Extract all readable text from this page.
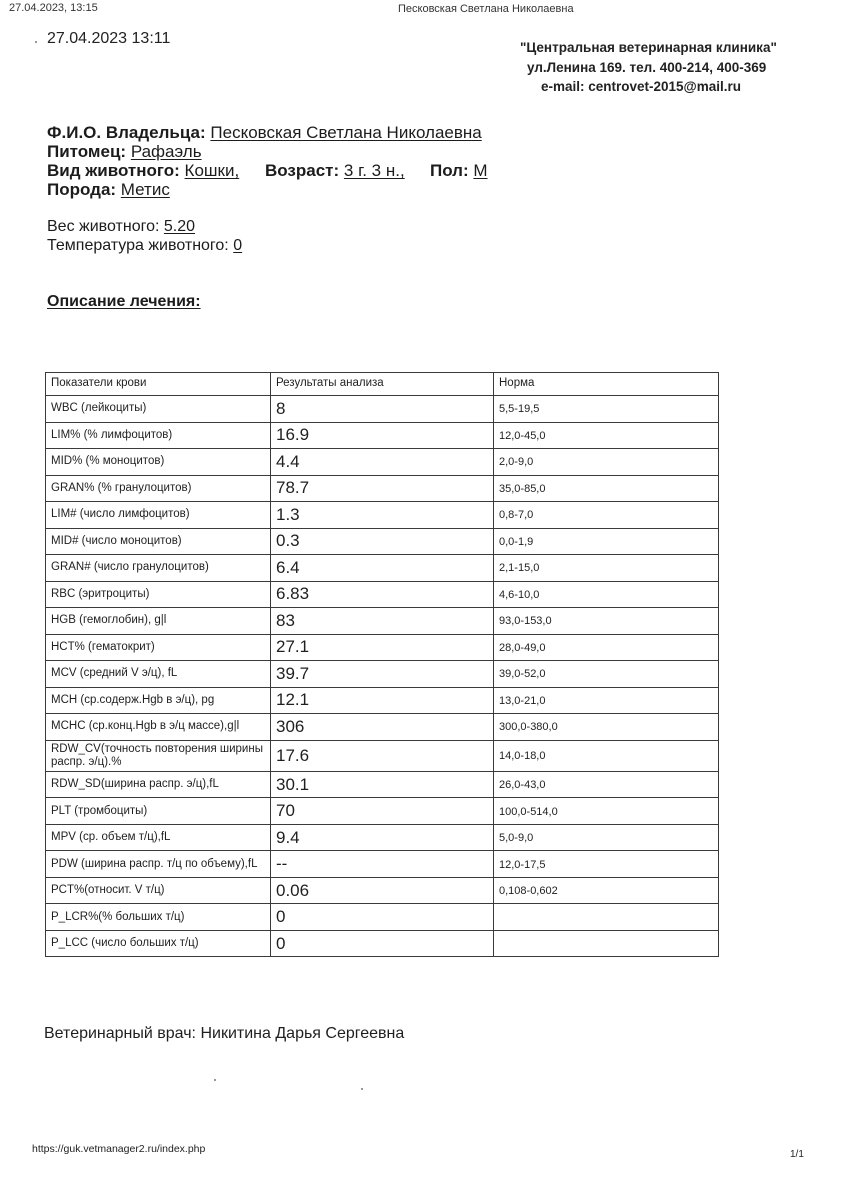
27.04.2023, 13:15	Песковская Светлана Николаевна
27.04.2023 13:11
"Центральная ветеринарная клиника"
ул.Ленина 169. тел. 400-214, 400-369
e-mail: centrovet-2015@mail.ru
Ф.И.О. Владельца: Песковская Светлана Николаевна
Питомец: Рафаэль
Вид животного: Кошки, Возраст: 3 г. 3 н., Пол: М
Порода: Метис
Вес животного: 5.20
Температура животного: 0
Описание лечения:
Показатели крови	Результаты анализа	Норма
WBC (лейкоциты)	8	5,5-19,5
LIM% (% лимфоцитов)	16.9	12,0-45,0
MID% (% моноцитов)	4.4	2,0-9,0
GRAN% (% гранулоцитов)	78.7	35,0-85,0
LIM# (число лимфоцитов)	1.3	0,8-7,0
MID# (число моноцитов)	0.3	0,0-1,9
GRAN# (число гранулоцитов)	6.4	2,1-15,0
RBC (эритроциты)	6.83	4,6-10,0
HGB (гемоглобин), g|l	83	93,0-153,0
HCT% (гематокрит)	27.1	28,0-49,0
MCV (средний V э/ц), fL	39.7	39,0-52,0
MCH (ср.содерж.Hgb в э/ц), pg	12.1	13,0-21,0
MCHC (ср.конц.Hgb в э/ц массе),g|l	306	300,0-380,0
RDW_CV(точность повторения ширины распр. э/ц).%	17.6	14,0-18,0
RDW_SD(ширина распр. э/ц),fL	30.1	26,0-43,0
PLT (тромбоциты)	70	100,0-514,0
MPV (ср. объем т/ц),fL	9.4	5,0-9,0
PDW (ширина распр. т/ц по объему),fL	--	12,0-17,5
PCT%(относит. V т/ц)	0.06	0,108-0,602
P_LCR%(% больших т/ц)	0	
P_LCC (число больших т/ц)	0	
Ветеринарный врач: Никитина Дарья Сергеевна
https://guk.vetmanager2.ru/index.php	1/1
